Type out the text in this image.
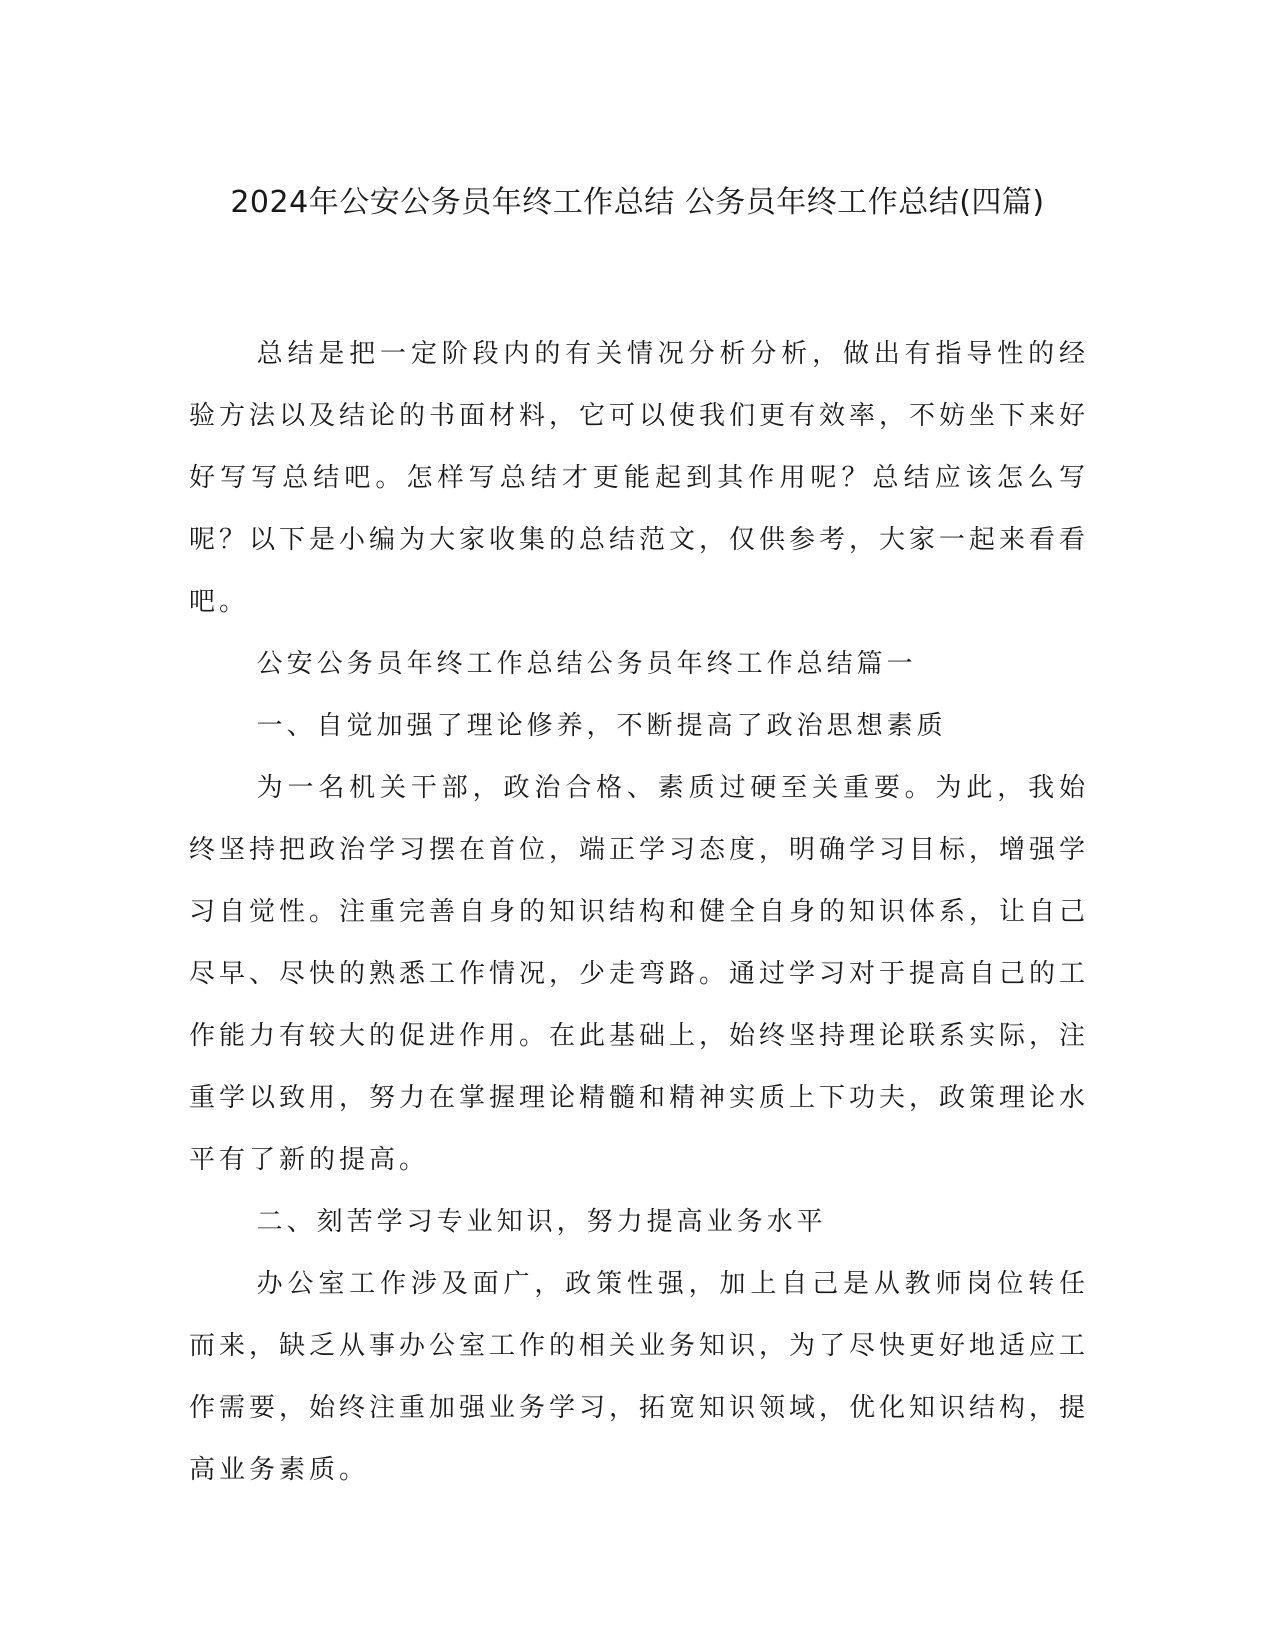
2024年公安公务员年终工作总结 公务员年终工作总结(四篇)

总结是把一定阶段内的有关情况分析分析，做出有指导性的经验方法以及结论的书面材料，它可以使我们更有效率，不妨坐下来好好写写总结吧。怎样写总结才更能起到其作用呢？总结应该怎么写呢？以下是小编为大家收集的总结范文，仅供参考，大家一起来看看吧。

公安公务员年终工作总结公务员年终工作总结篇一

一、自觉加强了理论修养，不断提高了政治思想素质

为一名机关干部，政治合格、素质过硬至关重要。为此，我始终坚持把政治学习摆在首位，端正学习态度，明确学习目标，增强学习自觉性。注重完善自身的知识结构和健全自身的知识体系，让自己尽早、尽快的熟悉工作情况，少走弯路。通过学习对于提高自己的工作能力有较大的促进作用。在此基础上，始终坚持理论联系实际，注重学以致用，努力在掌握理论精髓和精神实质上下功夫，政策理论水平有了新的提高。

二、刻苦学习专业知识，努力提高业务水平

办公室工作涉及面广，政策性强，加上自己是从教师岗位转任而来，缺乏从事办公室工作的相关业务知识，为了尽快更好地适应工作需要，始终注重加强业务学习，拓宽知识领域，优化知识结构，提高业务素质。
